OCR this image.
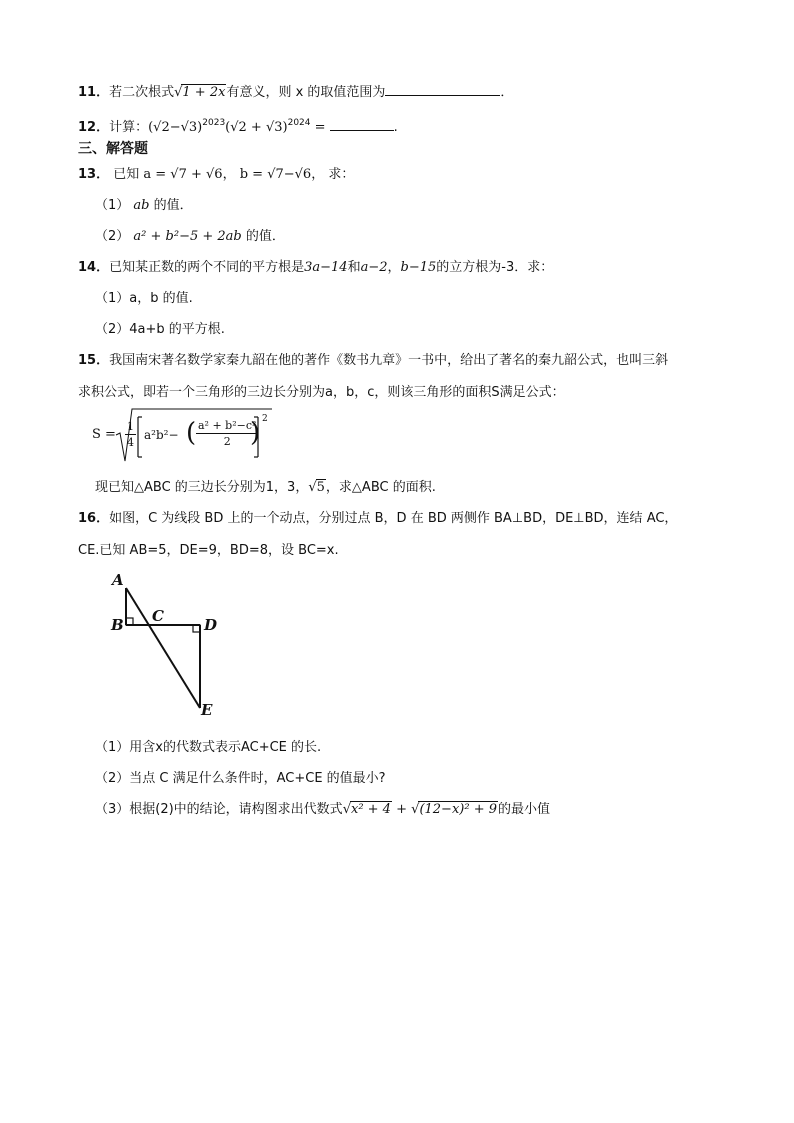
11．若二次根式√1 + 2x有意义，则 x 的取值范围为	．
12．计算：$(√2-√3)^{2023}(√2 + √3)^{2024}$ =	.
三、解答题
13． 已知 a = √7 + √6， b = √7−√6， 求：
（1） ab 的值．
（2） a² + b²−5 + 2ab 的值．
14．已知某正数的两个不同的平方根是3a−14和a−2，b−15的立方根为-3．求：
（1）a，b 的值.
（2）4a+b 的平方根.
15．我国南宋著名数学家秦九韶在他的著作《数书九章》一书中，给出了著名的秦九韶公式，也叫三斜
求积公式，即若一个三角形的三边长分别为a，b，c，则该三角形的面积S满足公式：
$S = \frac{1}{4} a^2b^2-$ ( $\frac{\text{a² + b²−c²}}{2}$
) 2
现已知△ABC 的三边长分别为1，3，√5，求△ABC 的面积.
16．如图，C 为线段 BD 上的一个动点，分别过点 B，D 在 BD 两侧作 BA⊥BD，DE⊥BD，连结 AC，
CE.已知 AB=5，DE=9，BD=8，设 BC=x.
A
B C	D
E
（1）用含x的代数式表示AC+CE 的长.
（2）当点 C 满足什么条件时，AC+CE 的值最小?
（3）根据(2)中的结论，请构图求出代数式√x² + 4 + √(12−x)² + 9的最小值
